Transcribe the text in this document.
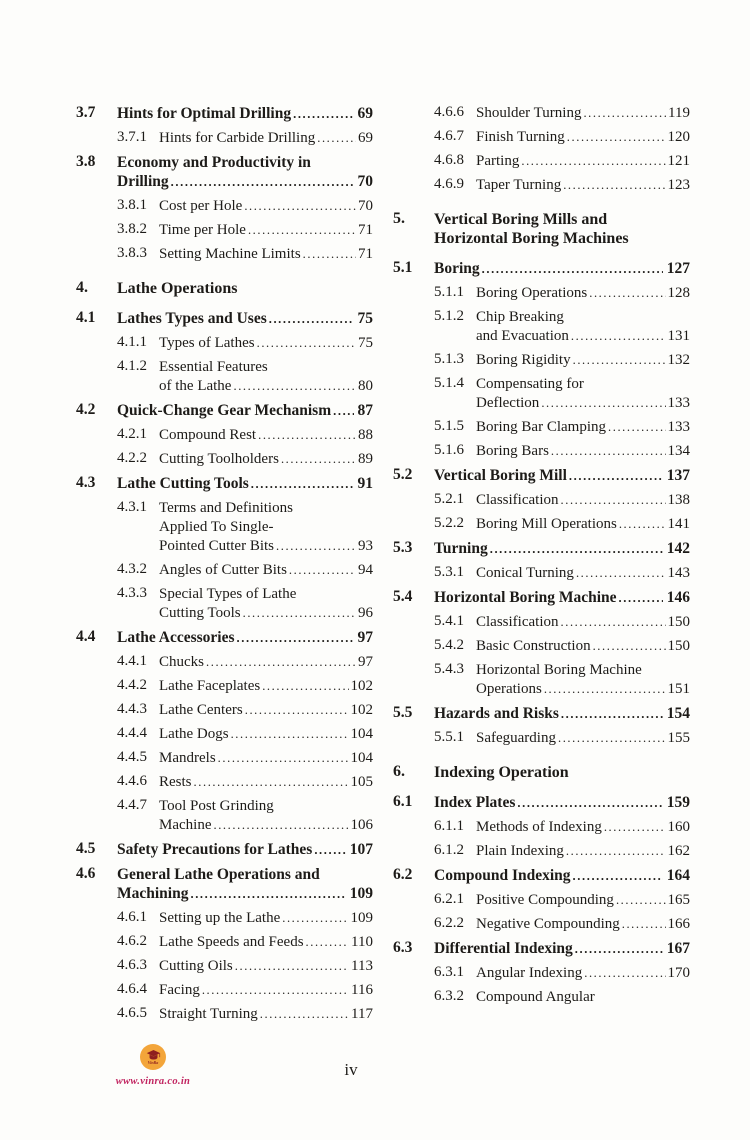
3.7	Hints for Optimal Drilling .....	69
3.7.1 Hints for Carbide Drilling .....	69
3.8	Economy and Productivity in
Drilling .....	70
3.8.1 Cost per Hole .....	70
3.8.2 Time per Hole .....	71
3.8.3 Setting Machine Limits .....	71
4.	Lathe Operations
4.1	Lathes Types and Uses .....	75
4.1.1 Types of Lathes .....	75
4.1.2 Essential Features
of the Lathe .....	80
4.2	Quick-Change Gear Mechanism ..... 87
4.2.1 Compound Rest .....	88
4.2.2 Cutting Toolholders .....	89
4.3	Lathe Cutting Tools .....	91
4.3.1 Terms and Definitions
Applied To Single-
Pointed Cutter Bits .....	93
4.3.2 Angles of Cutter Bits .....	94
4.3.3 Special Types of Lathe
Cutting Tools .....	96
4.4	Lathe Accessories .....	97
4.4.1 Chucks .....	97
4.4.2 Lathe Faceplates .....	102
4.4.3 Lathe Centers .....	102
4.4.4 Lathe Dogs .....	104
4.4.5 Mandrels .....	104
4.4.6 Rests .....	105
4.4.7 Tool Post Grinding
Machine .....	106
4.5	Safety Precautions for Lathes ..... 107
4.6	General Lathe Operations and
Machining .....	109
4.6.1 Setting up the Lathe .....	109
4.6.2 Lathe Speeds and Feeds .....	110
4.6.3 Cutting Oils .....	113
4.6.4 Facing .....	116
4.6.5 Straight Turning .....	117
4.6.6 Shoulder Turning .....	119
4.6.7 Finish Turning .....	120
4.6.8 Parting .....	121
4.6.9 Taper Turning .....	123
5.	Vertical Boring Mills and
Horizontal Boring Machines
5.1	Boring .....	127
5.1.1 Boring Operations .....	128
5.1.2 Chip Breaking
and Evacuation .....	131
5.1.3 Boring Rigidity .....	132
5.1.4 Compensating for
Deflection .....	133
5.1.5 Boring Bar Clamping .....	133
5.1.6 Boring Bars .....	134
5.2	Vertical Boring Mill .....	137
5.2.1 Classification .....	138
5.2.2 Boring Mill Operations .....	141
5.3	Turning .....	142
5.3.1 Conical Turning .....	143
5.4	Horizontal Boring Machine .....	146
5.4.1 Classification .....	150
5.4.2 Basic Construction .....	150
5.4.3 Horizontal Boring Machine
Operations .....	151
5.5	Hazards and Risks .....	154
5.5.1 Safeguarding .....	155
6.	Indexing Operation
6.1	Index Plates .....	159
6.1.1 Methods of Indexing .....	160
6.1.2 Plain Indexing .....	162
6.2	Compound Indexing .....	164
6.2.1 Positive Compounding .....	165
6.2.2 Negative Compounding .....	166
6.3	Differential Indexing .....	167
6.3.1 Angular Indexing .....	170
6.3.2 Compound Angular
VinRa
www.vinra.co.in
iv
